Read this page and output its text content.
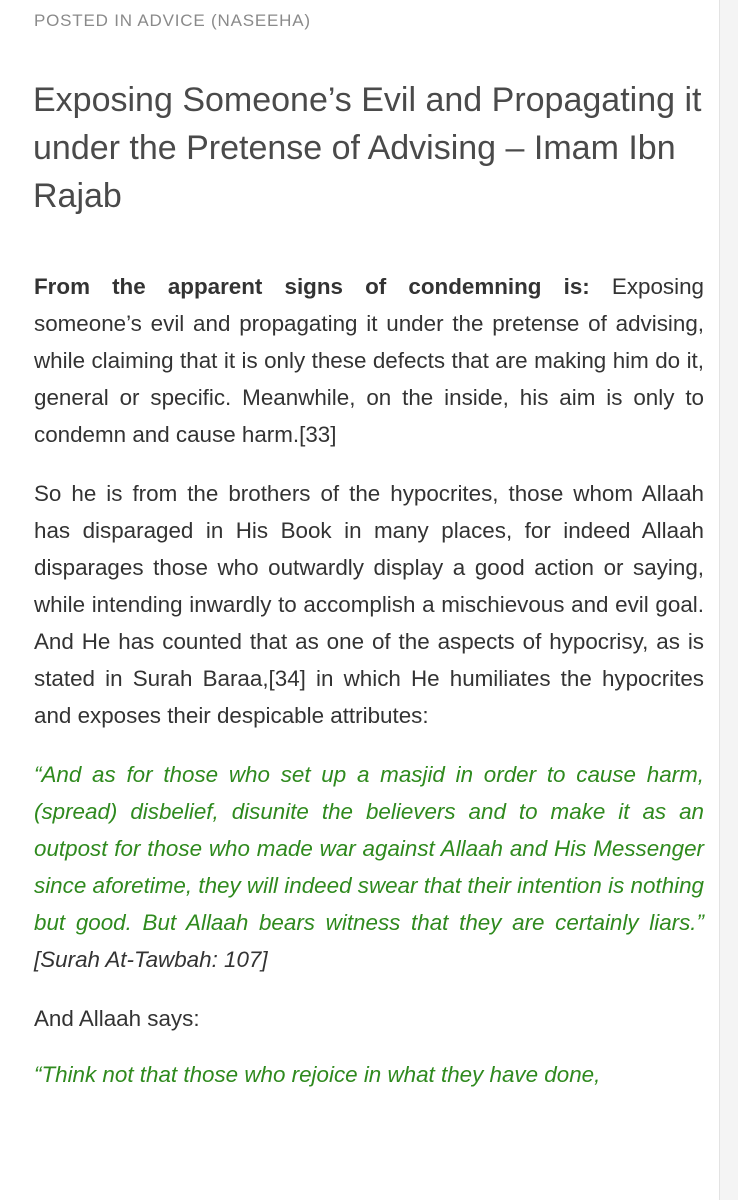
POSTED IN ADVICE (NASEEHA)

Exposing Someone’s Evil and Propagating it under the Pretense of Advising – Imam Ibn Rajab

From the apparent signs of condemning is: Exposing someone’s evil and propagating it under the pretense of advising, while claiming that it is only these defects that are making him do it, general or specific. Meanwhile, on the inside, his aim is only to condemn and cause harm.[33]

So he is from the brothers of the hypocrites, those whom Allaah has disparaged in His Book in many places, for indeed Allaah disparages those who outwardly display a good action or saying, while intending inwardly to accomplish a mischievous and evil goal. And He has counted that as one of the aspects of hypocrisy, as is stated in Surah Baraa,[34] in which He humiliates the hypocrites and exposes their despicable attributes:

“And as for those who set up a masjid in order to cause harm, (spread) disbelief, disunite the believers and to make it as an outpost for those who made war against Allaah and His Messenger since aforetime, they will indeed swear that their intention is nothing but good. But Allaah bears witness that they are certainly liars.” [Surah At-Tawbah: 107]

And Allaah says:

“Think not that those who rejoice in what they have done,
